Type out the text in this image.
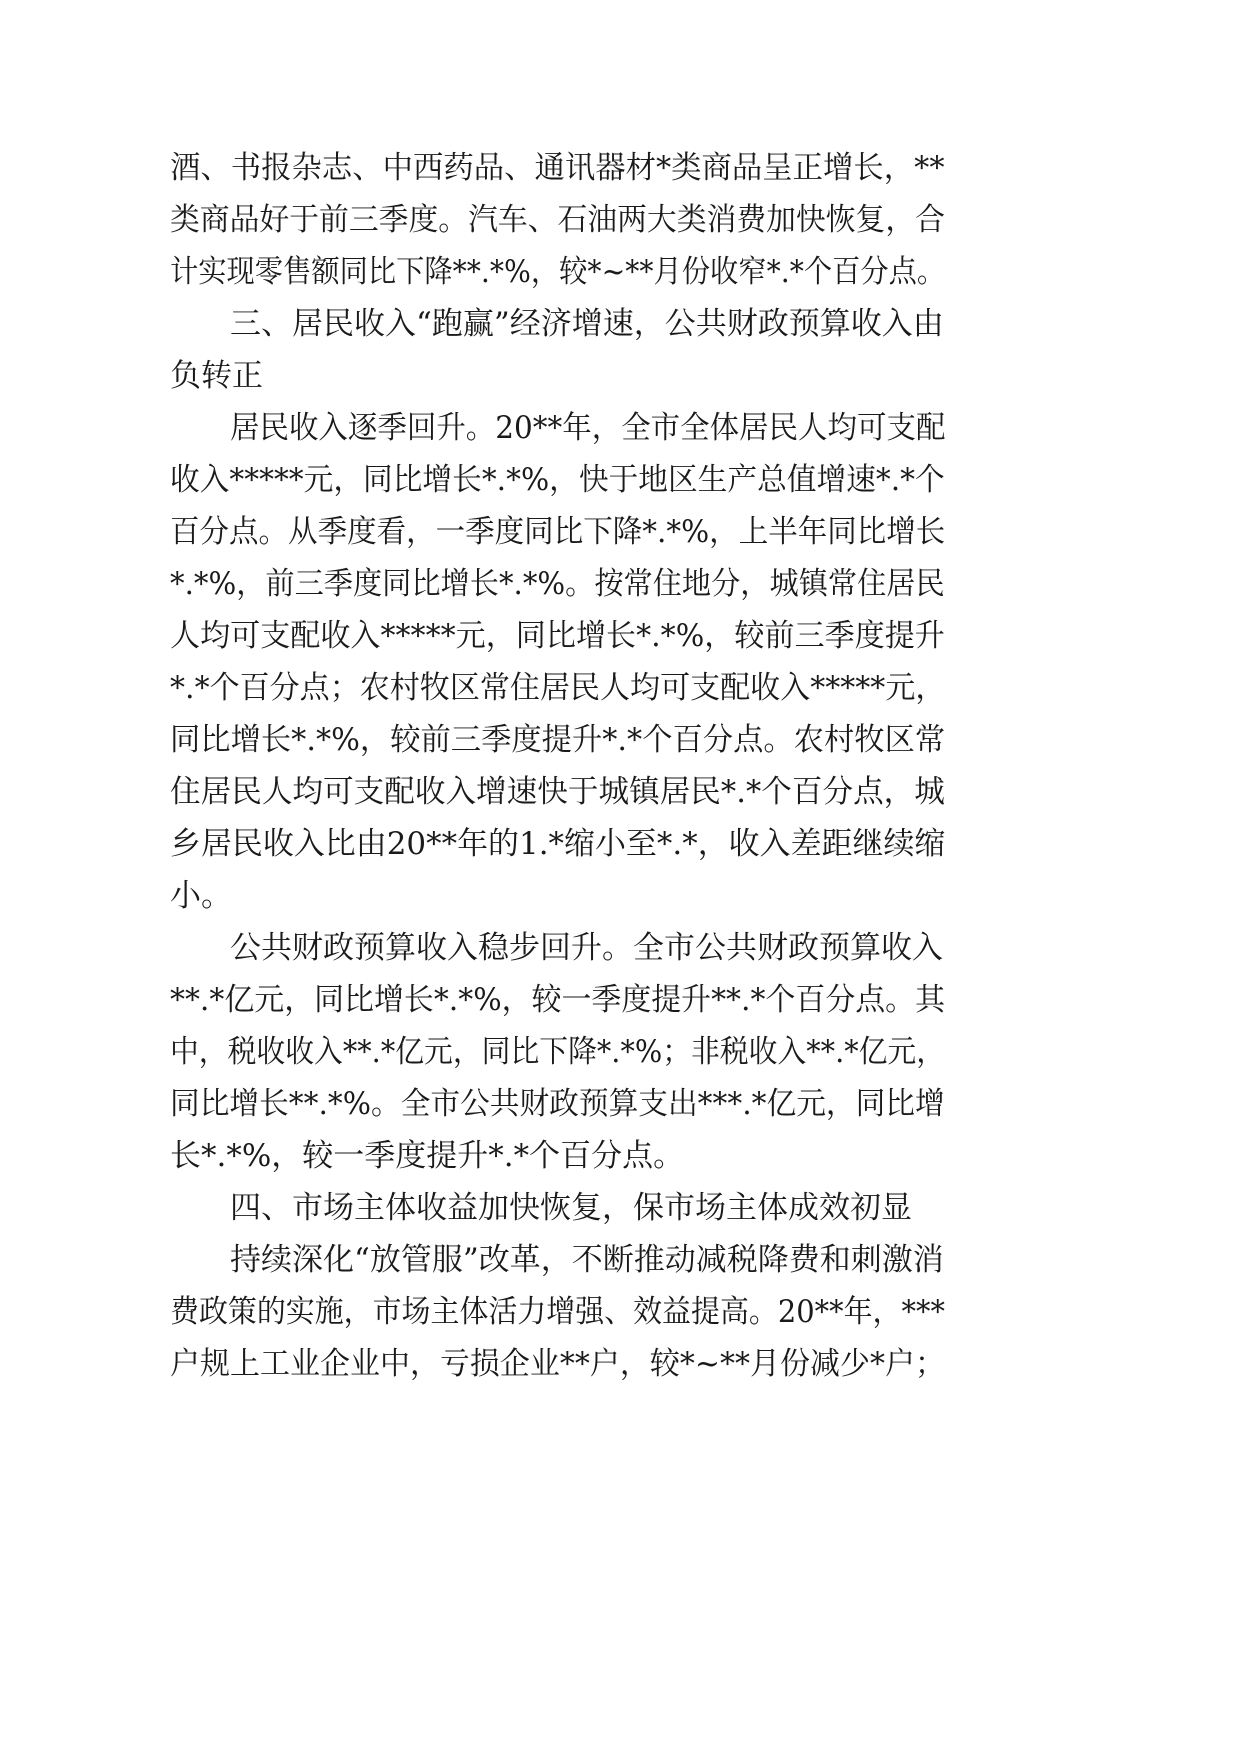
酒、书报杂志、中西药品、通讯器材*类商品呈正增长，**
类商品好于前三季度。汽车、石油两大类消费加快恢复，合
计实现零售额同比下降**.*%，较*~**月份收窄*.*个百分点。
三、居民收入“跑赢”经济增速，公共财政预算收入由
负转正
居民收入逐季回升。20**年，全市全体居民人均可支配
收入*****元，同比增长*.*%，快于地区生产总值增速*.*个
百分点。从季度看，一季度同比下降*.*%，上半年同比增长
*.*%，前三季度同比增长*.*%。按常住地分，城镇常住居民
人均可支配收入*****元，同比增长*.*%，较前三季度提升
*.*个百分点；农村牧区常住居民人均可支配收入*****元，
同比增长*.*%，较前三季度提升*.*个百分点。农村牧区常
住居民人均可支配收入增速快于城镇居民*.*个百分点，城
乡居民收入比由20**年的1.*缩小至*.*，收入差距继续缩
小。
公共财政预算收入稳步回升。全市公共财政预算收入
**.*亿元，同比增长*.*%，较一季度提升**.*个百分点。其
中，税收收入**.*亿元，同比下降*.*%；非税收入**.*亿元，
同比增长**.*%。全市公共财政预算支出***.*亿元，同比增
长*.*%，较一季度提升*.*个百分点。
四、市场主体收益加快恢复，保市场主体成效初显
持续深化“放管服”改革，不断推动减税降费和刺激消
费政策的实施，市场主体活力增强、效益提高。20**年，***
户规上工业企业中，亏损企业**户，较*~**月份减少*户；
